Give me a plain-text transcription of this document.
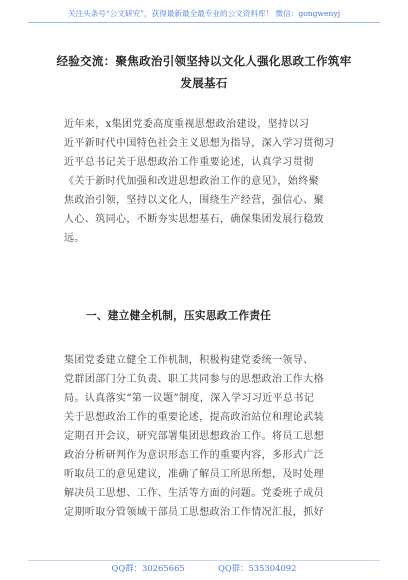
关注头条号“公文研究”，获得最新最全最专业的公文资料库！ 微信：gongwenyj
经验交流：聚焦政治引领坚持以文化人强化思政工作筑牢
发展基石
近年来，x集团党委高度重视思想政治建设，坚持以习
近平新时代中国特色社会主义思想为指导，深入学习贯彻习
近平总书记关于思想政治工作重要论述，认真学习贯彻
《关于新时代加强和改进思想政治工作的意见》，始终聚
焦政治引领，坚持以文化人，围绕生产经营，强信心、聚
人心、筑同心，不断夯实思想基石，确保集团发展行稳致
远。
一、建立健全机制，压实思政工作责任
集团党委建立健全工作机制，积极构建党委统一领导、
党群团部门分工负责、职工共同参与的思想政治工作大格
局。认真落实“第一议题”制度，深入学习习近平总书记
关于思想政治工作的重要论述，提高政治站位和理论武装
定期召开会议，研究部署集团思想政治工作。将员工思想
政治分析研判作为意识形态工作的重要内容，多形式广泛
听取员工的意见建议，准确了解员工所思所想，及时处理
解决员工思想、工作、生活等方面的问题。党委班子成员
定期听取分管领域干部员工思想政治工作情况汇报，抓好
QQ群：30265665	QQ群：535304092
